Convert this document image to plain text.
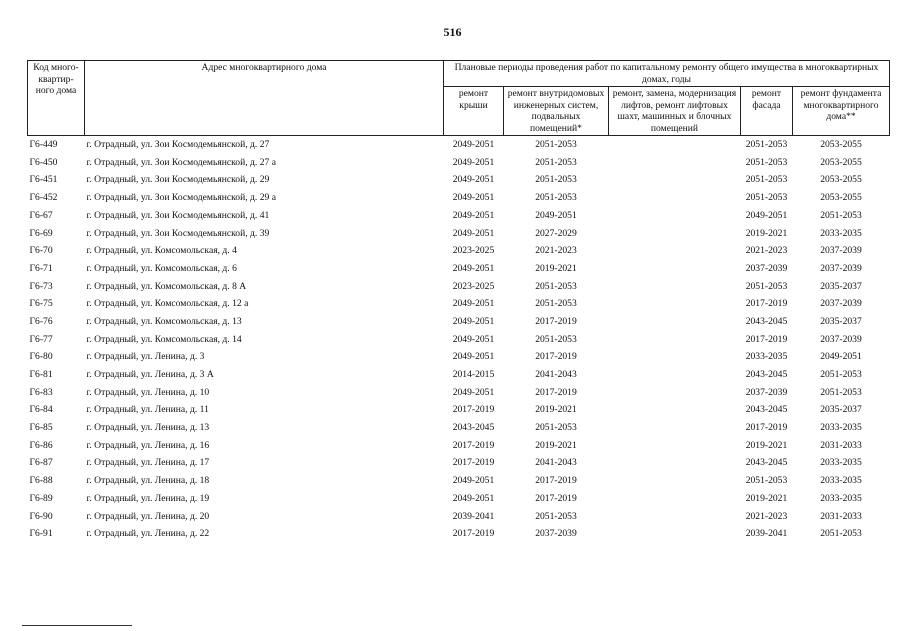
516
Код много- квартир- ного дома	Адрес многоквартирного дома	Плановые периоды проведения работ по капитальному ремонту общего имущества в многоквартирных домах, годы				
		ремонт крыши	ремонт внутридомовых инженерных систем, подвальных помещений*	ремонт, замена, модернизация лифтов, ремонт лифтовых шахт, машинных и блочных помещений	ремонт фасада	ремонт фундамента многоквартирного дома**
Г6-449	г. Отрадный, ул. Зои Космодемьянской, д. 27	2049-2051	2051-2053		2051-2053	2053-2055
Г6-450	г. Отрадный, ул. Зои Космодемьянской, д. 27 а	2049-2051	2051-2053		2051-2053	2053-2055
Г6-451	г. Отрадный, ул. Зои Космодемьянской, д. 29	2049-2051	2051-2053		2051-2053	2053-2055
Г6-452	г. Отрадный, ул. Зои Космодемьянской, д. 29 а	2049-2051	2051-2053		2051-2053	2053-2055
Г6-67	г. Отрадный, ул. Зои Космодемьянской, д. 41	2049-2051	2049-2051		2049-2051	2051-2053
Г6-69	г. Отрадный, ул. Зои Космодемьянской, д. 39	2049-2051	2027-2029		2019-2021	2033-2035
Г6-70	г. Отрадный, ул. Комсомольская, д. 4	2023-2025	2021-2023		2021-2023	2037-2039
Г6-71	г. Отрадный, ул. Комсомольская, д. 6	2049-2051	2019-2021		2037-2039	2037-2039
Г6-73	г. Отрадный, ул. Комсомольская, д. 8 А	2023-2025	2051-2053		2051-2053	2035-2037
Г6-75	г. Отрадный, ул. Комсомольская, д. 12 а	2049-2051	2051-2053		2017-2019	2037-2039
Г6-76	г. Отрадный, ул. Комсомольская, д. 13	2049-2051	2017-2019		2043-2045	2035-2037
Г6-77	г. Отрадный, ул. Комсомольская, д. 14	2049-2051	2051-2053		2017-2019	2037-2039
Г6-80	г. Отрадный, ул. Ленина, д. 3	2049-2051	2017-2019		2033-2035	2049-2051
Г6-81	г. Отрадный, ул. Ленина, д. 3 А	2014-2015	2041-2043		2043-2045	2051-2053
Г6-83	г. Отрадный, ул. Ленина, д. 10	2049-2051	2017-2019		2037-2039	2051-2053
Г6-84	г. Отрадный, ул. Ленина, д. 11	2017-2019	2019-2021		2043-2045	2035-2037
Г6-85	г. Отрадный, ул. Ленина, д. 13	2043-2045	2051-2053		2017-2019	2033-2035
Г6-86	г. Отрадный, ул. Ленина, д. 16	2017-2019	2019-2021		2019-2021	2031-2033
Г6-87	г. Отрадный, ул. Ленина, д. 17	2017-2019	2041-2043		2043-2045	2033-2035
Г6-88	г. Отрадный, ул. Ленина, д. 18	2049-2051	2017-2019		2051-2053	2033-2035
Г6-89	г. Отрадный, ул. Ленина, д. 19	2049-2051	2017-2019		2019-2021	2033-2035
Г6-90	г. Отрадный, ул. Ленина, д. 20	2039-2041	2051-2053		2021-2023	2031-2033
Г6-91	г. Отрадный, ул. Ленина, д. 22	2017-2019	2037-2039		2039-2041	2051-2053
